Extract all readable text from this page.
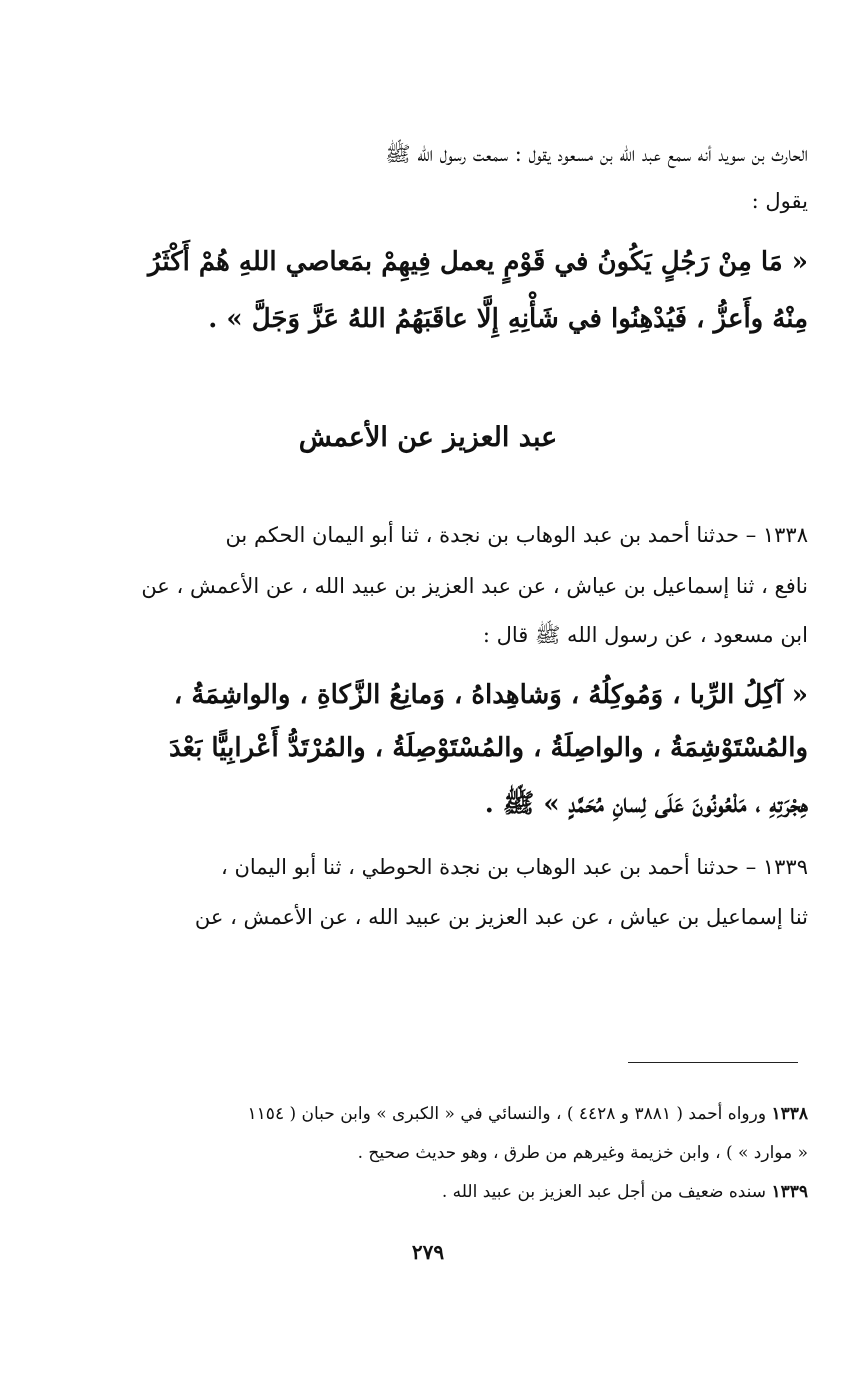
الحارث بن سويد أنه سمع عبد الله بن مسعود يقول : سمعت رسول الله ﷺ
يقول :
« مَا مِنْ رَجُلٍ يَكُونُ في قَوْمٍ يعمل فِيهِمْ بمَعاصي اللهِ هُمْ أَكْثَرُ
مِنْهُ وأَعزُّ ، فَيُدْهِنُوا في شَأْنِهِ إِلَّا عاقَبَهُمُ اللهُ عَزَّ وَجَلَّ » .
عبد العزيز عن الأعمش
١٣٣٨ – حدثنا أحمد بن عبد الوهاب بن نجدة ، ثنا أبو اليمان الحكم بن
نافع ، ثنا إسماعيل بن عياش ، عن عبد العزيز بن عبيد الله ، عن الأعمش ، عن
ابن مسعود ، عن رسول الله ﷺ قال :
« آكِلُ الرِّبا ، وَمُوكِلُهُ ، وَشاهِداهُ ، وَمانِعُ الزَّكاةِ ، والواشِمَةُ ،
والمُسْتَوْشِمَةُ ، والواصِلَةُ ، والمُسْتَوْصِلَةُ ، والمُرْتَدُّ أَعْرابِيًّا بَعْدَ
هِجْرَتِهِ ، مَلْعُونُونَ عَلَى لِسانِ مُحَمَّدٍ » ﷺ .
١٣٣٩ – حدثنا أحمد بن عبد الوهاب بن نجدة الحوطي ، ثنا أبو اليمان ،
ثنا إسماعيل بن عياش ، عن عبد العزيز بن عبيد الله ، عن الأعمش ، عن
١٣٣٨ ورواه أحمد ( ٣٨٨١ و ٤٤٢٨ ) ، والنسائي في « الكبرى » وابن حبان ( ١١٥٤
« موارد » ) ، وابن خزيمة وغيرهم من طرق ، وهو حديث صحيح .
١٣٣٩ سنده ضعيف من أجل عبد العزيز بن عبيد الله .
٢٧٩
